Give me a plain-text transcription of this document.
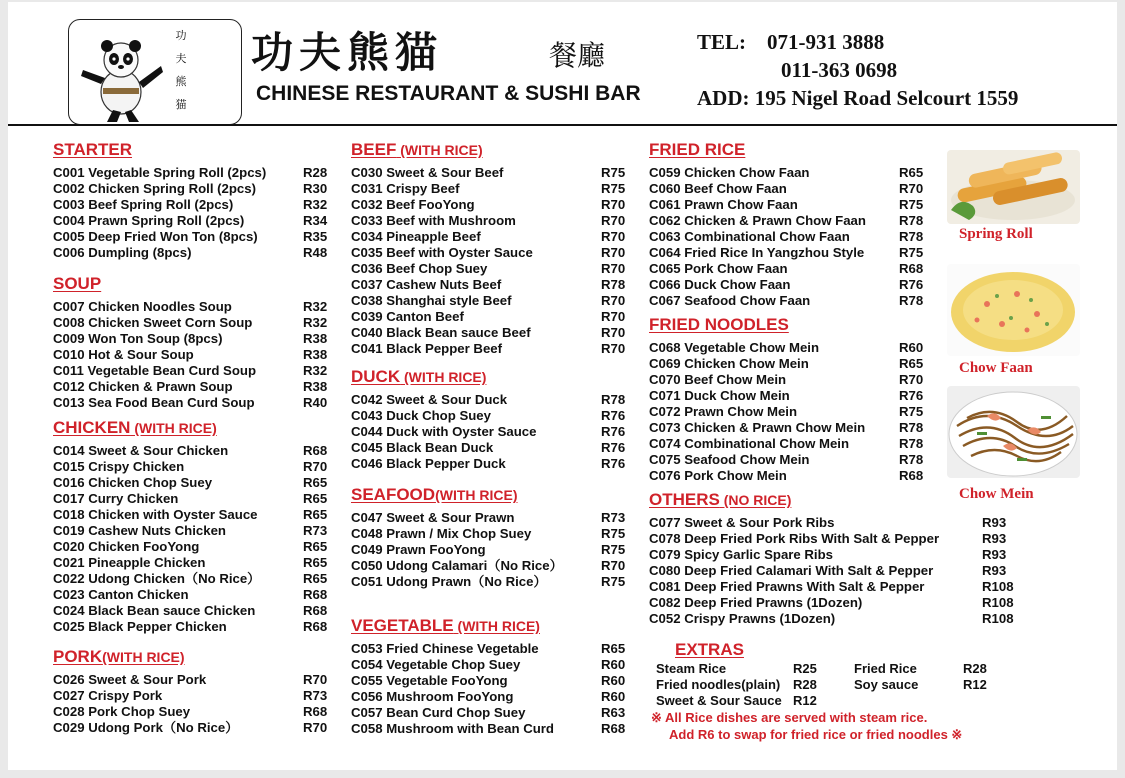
功
夫
熊
猫
功夫熊猫	餐廳
CHINESE RESTAURANT & SUSHI BAR
TEL:    071-931 3888
011-363 0698
ADD: 195 Nigel Road Selcourt 1559
STARTER
C001 Vegetable Spring Roll (2pcs)	R28
C002 Chicken Spring Roll (2pcs)	R30
C003 Beef Spring Roll (2pcs)	R32
C004 Prawn Spring Roll (2pcs)	R34
C005 Deep Fried Won Ton (8pcs)	R35
C006 Dumpling (8pcs)	R48
SOUP
C007 Chicken Noodles Soup	R32
C008 Chicken Sweet Corn Soup	R32
C009 Won Ton Soup (8pcs)	R38
C010 Hot & Sour Soup	R38
C011 Vegetable Bean Curd Soup	R32
C012 Chicken & Prawn Soup	R38
C013 Sea Food Bean Curd Soup	R40
CHICKEN (WITH RICE)
C014 Sweet & Sour Chicken	R68
C015 Crispy Chicken	R70
C016 Chicken Chop Suey	R65
C017 Curry Chicken	R65
C018 Chicken with Oyster Sauce	R65
C019 Cashew Nuts Chicken	R73
C020 Chicken FooYong	R65
C021 Pineapple Chicken	R65
C022 Udong Chicken（No Rice）	R65
C023 Canton Chicken	R68
C024 Black Bean sauce Chicken	R68
C025 Black Pepper Chicken	R68
PORK(WITH RICE)
C026 Sweet & Sour Pork	R70
C027 Crispy Pork	R73
C028 Pork Chop Suey	R68
C029 Udong Pork（No Rice）	R70
BEEF (WITH RICE)
C030 Sweet & Sour Beef	R75
C031 Crispy Beef	R75
C032 Beef FooYong	R70
C033 Beef with Mushroom	R70
C034 Pineapple Beef	R70
C035 Beef with Oyster Sauce	R70
C036 Beef Chop Suey	R70
C037 Cashew Nuts Beef	R78
C038 Shanghai style Beef	R70
C039 Canton Beef	R70
C040 Black Bean sauce Beef	R70
C041 Black Pepper Beef	R70
DUCK (WITH RICE)
C042 Sweet & Sour Duck	R78
C043 Duck Chop Suey	R76
C044 Duck with Oyster Sauce	R76
C045 Black Bean Duck	R76
C046 Black Pepper Duck	R76
SEAFOOD(WITH RICE)
C047 Sweet & Sour Prawn	R73
C048 Prawn / Mix Chop Suey	R75
C049 Prawn FooYong	R75
C050 Udong Calamari（No Rice）	R70
C051 Udong Prawn（No Rice）	R75
VEGETABLE (WITH RICE)
C053 Fried Chinese Vegetable	R65
C054 Vegetable Chop Suey	R60
C055 Vegetable FooYong	R60
C056 Mushroom FooYong	R60
C057 Bean Curd Chop Suey	R63
C058 Mushroom with Bean Curd	R68
FRIED RICE
C059 Chicken Chow Faan	R65
C060 Beef Chow Faan	R70
C061 Prawn Chow Faan	R75
C062 Chicken & Prawn Chow Faan	R78
C063 Combinational Chow Faan	R78
C064 Fried Rice In Yangzhou Style	R75
C065 Pork Chow Faan	R68
C066 Duck Chow Faan	R76
C067 Seafood Chow Faan	R78
FRIED NOODLES
C068 Vegetable Chow Mein	R60
C069 Chicken Chow Mein	R65
C070 Beef Chow Mein	R70
C071 Duck Chow Mein	R76
C072 Prawn Chow Mein	R75
C073 Chicken & Prawn Chow Mein	R78
C074 Combinational Chow Mein	R78
C075 Seafood Chow Mein	R78
C076 Pork Chow Mein	R68
OTHERS (NO RICE)
C077 Sweet & Sour Pork Ribs	R93
C078 Deep Fried Pork Ribs With Salt & Pepper	R93
C079 Spicy Garlic Spare Ribs	R93
C080 Deep Fried Calamari With Salt & Pepper	R93
C081 Deep Fried Prawns With Salt & Pepper	R108
C082 Deep Fried Prawns (1Dozen)	R108
C052 Crispy Prawns (1Dozen)	R108
Spring Roll
Chow Faan
Chow Mein
EXTRAS
Steam Rice	R25	Fried Rice	R28
Fried noodles(plain) R28	Soy sauce	R12
Sweet & Sour Sauce R12
※ All Rice dishes are served with steam rice.
Add R6 to swap for fried rice or fried noodles ※
